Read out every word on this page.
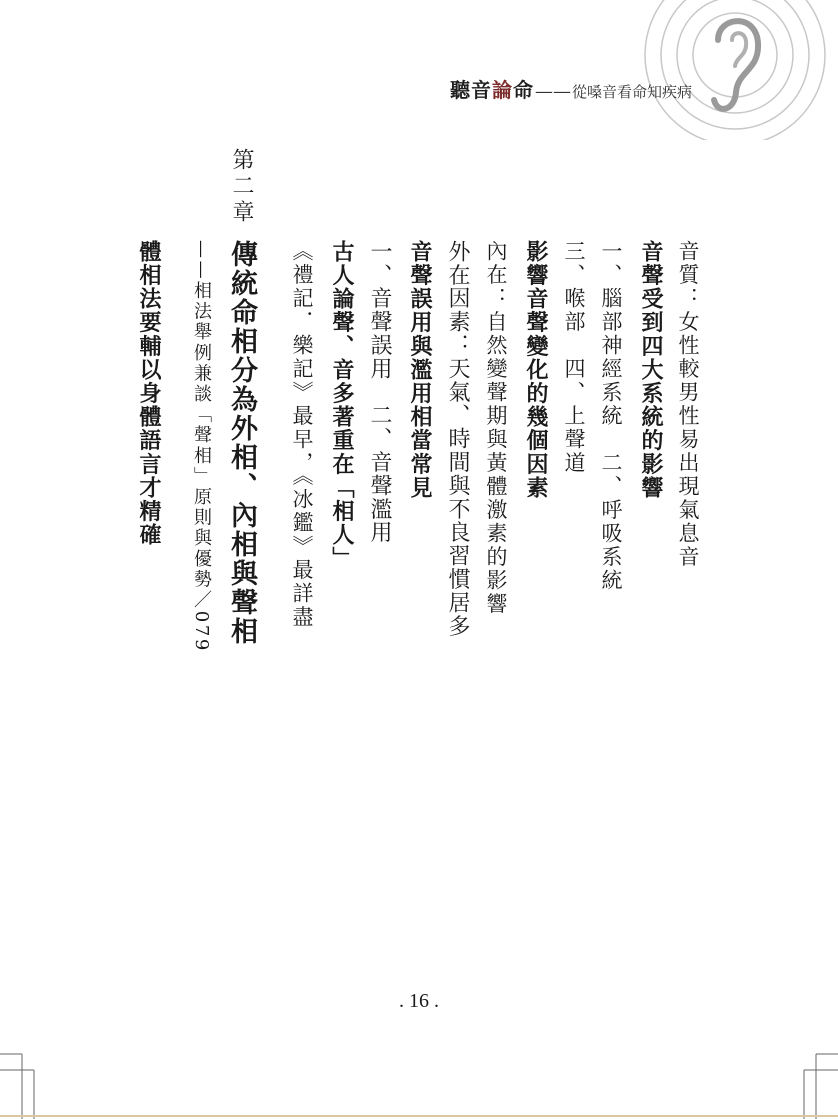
聽音論命 —— 從嗓音看命知疾病
音質：女性較男性易出現氣息音
音聲受到四大系統的影響
一、腦部神經系統　二、呼吸系統
三、喉部　四、上聲道
影響音聲變化的幾個因素
內在：自然變聲期與黃體激素的影響
外在因素：天氣、時間與不良習慣居多
音聲誤用與濫用相當常見
一、音聲誤用　二、音聲濫用
古人論聲、音多著重在「相人」
《禮記．樂記》最早，《冰鑑》最詳盡
第二章
傳統命相分為外相、內相與聲相
——相法舉例兼談「聲相」原則與優勢／079
體相法要輔以身體語言才精確
. 16 .
